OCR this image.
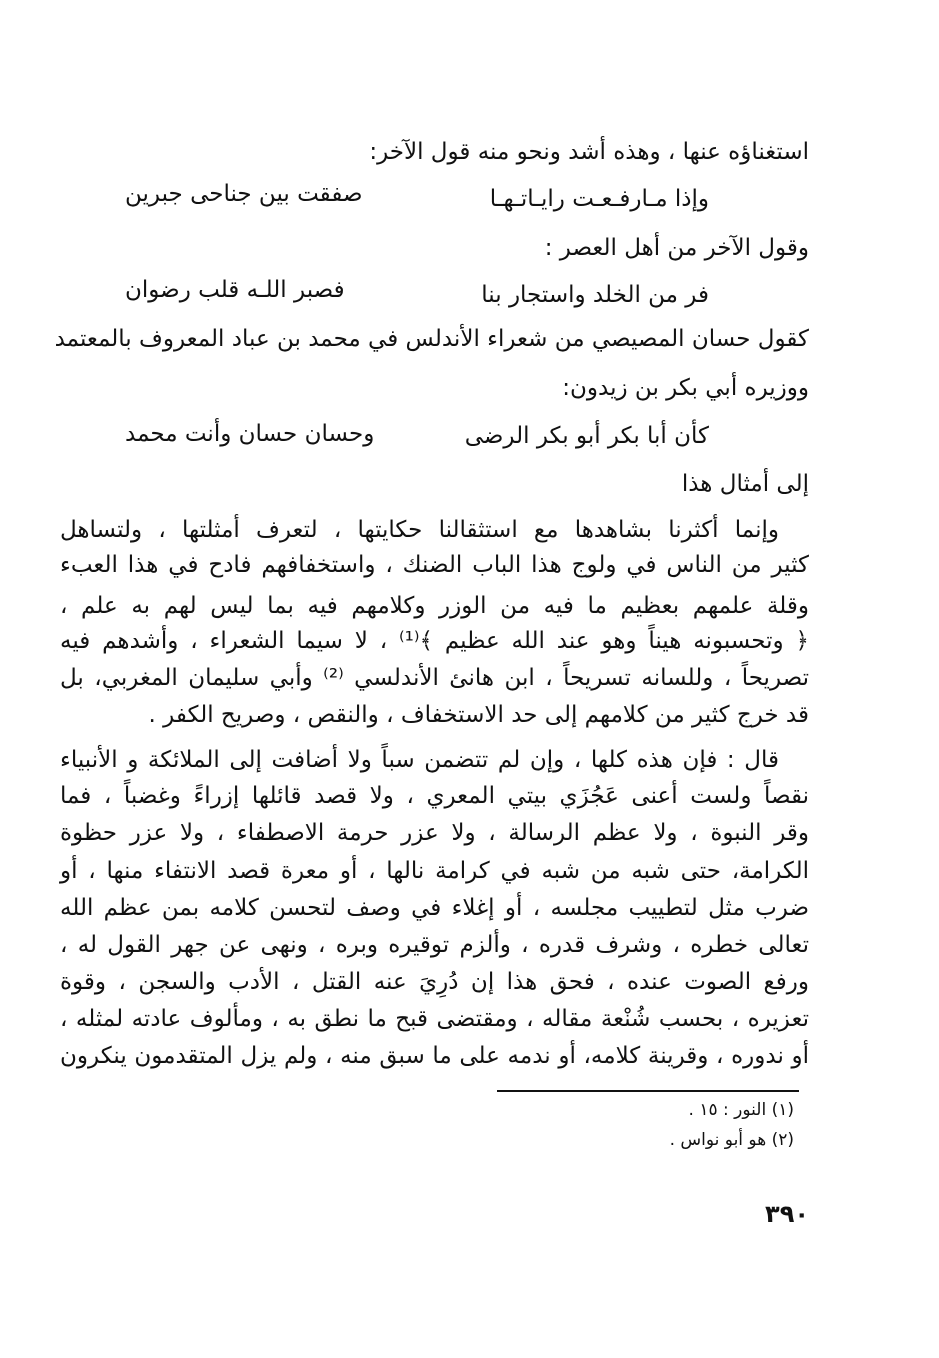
استغناؤه عنها ، وهذه أشد ونحو منه قول الآخر:
وإذا مـارفـعـت رايـاتـهـا
صفقت بين جناحى جبرين
وقول الآخر من أهل العصر :
فر من الخلد واستجار بنا
فصبر اللـه قلب رضوان
كقول حسان المصيصي من شعراء الأندلس في محمد بن عباد المعروف بالمعتمد
ووزيره أبي بكر بن زيدون:
كأن أبا بكر أبو بكر الرضى
وحسان حسان وأنت محمد
إلى أمثال هذا
وإنما أكثرنا بشاهدها مع استثقالنا حكايتها ، لتعرف أمثلتها ، ولتساهل
كثير من الناس في ولوج هذا الباب الضنك ، واستخفافهم فادح في هذا العبء
وقلة علمهم بعظيم ما فيه من الوزر وكلامهم فيه بما ليس لهم به علم ،
﴿ وتحسبونه هيناً وهو عند الله عظيم ﴾⁽¹⁾ ، لا سيما الشعراء ، وأشدهم فيه
تصريحاً ، وللسانه تسريحاً ، ابن هانئ الأندلسي ⁽²⁾ وأبي سليمان المغربي، بل
قد خرج كثير من كلامهم إلى حد الاستخفاف ، والنقص ، وصريح الكفر .
قال : فإن هذه كلها ، وإن لم تتضمن سباً ولا أضافت إلى الملائكة و الأنبياء
نقصاً ولست أعنى عَجُزَي بيتي المعري ، ولا قصد قائلها إزراءً وغضباً ، فما
وقر النبوة ، ولا عظم الرسالة ، ولا عزر حرمة الاصطفاء ، ولا عزر حظوة
الكرامة، حتى شبه من شبه في كرامة نالها ، أو معرة قصد الانتفاء منها ، أو
ضرب مثل لتطييب مجلسه ، أو إغلاء في وصف لتحسن كلامه بمن عظم الله
تعالى خطره ، وشرف قدره ، وألزم توقيره وبره ، ونهى عن جهر القول له ،
ورفع الصوت عنده ، فحق هذا إن دُرِيَ عنه القتل ، الأدب والسجن ، وقوة
تعزيره ، بحسب شُنْعة مقاله ، ومقتضى قبح ما نطق به ، ومألوف عادته لمثله ،
أو ندوره ، وقرينة كلامه، أو ندمه على ما سبق منه ، ولم يزل المتقدمون ينكرون
(١) النور : ١٥ .
(٢) هو أبو نواس .
٣٩٠
